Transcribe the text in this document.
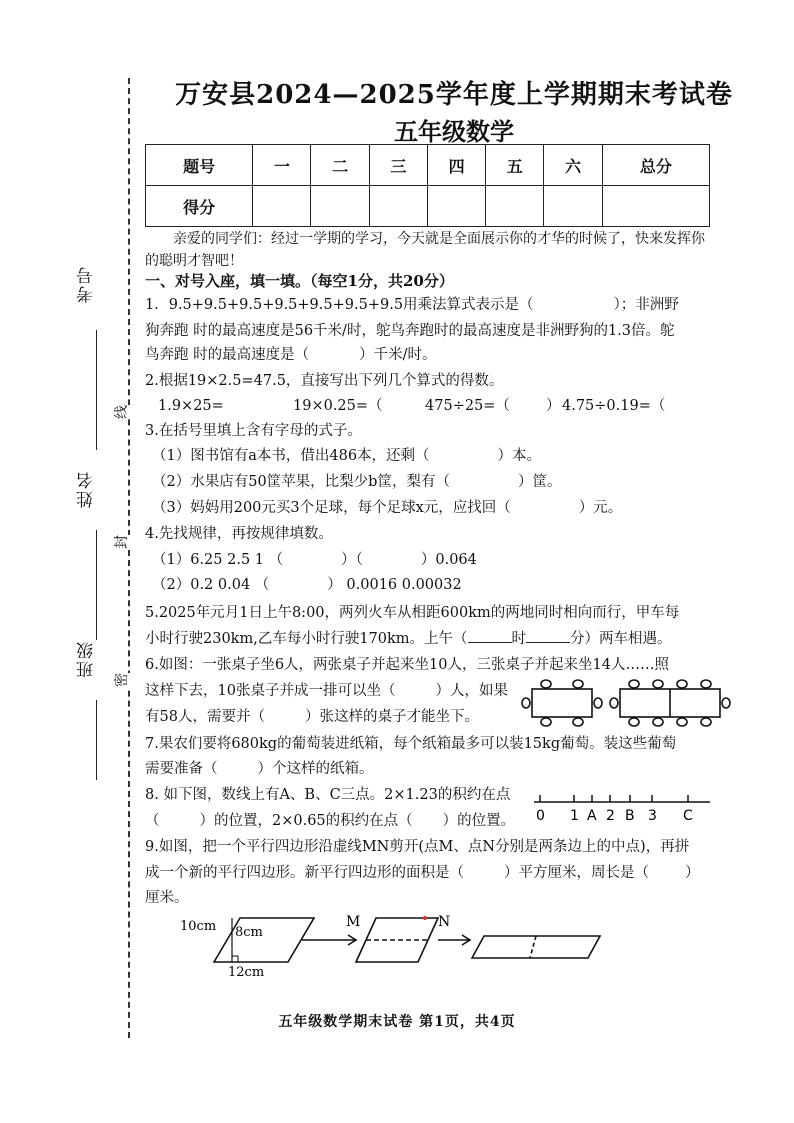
考号
姓名
班级
线
封
密
万安县2024—2025学年度上学期期末考试卷
五年级数学
题号	一	二	三	四	五	六	总分
得分							
亲爱的同学们：经过一学期的学习，今天就是全面展示你的才华的时候了，快来发挥你的聪明才智吧！
一、对号入座，填一填。（每空1分，共20分）
1．9.5+9.5+9.5+9.5+9.5+9.5+9.5用乘法算式表示是（	）；非洲野
狗奔跑 时的最高速度是56千米/时，鸵鸟奔跑时的最高速度是非洲野狗的1.3倍。鸵
鸟奔跑 时的最高速度是（	）千米/时。
2.根据19×2.5=47.5，直接写出下列几个算式的得数。
1.9×25=	19×0.25=（	475÷25=（ ） 4.75÷0.19=（
3.在括号里填上含有字母的式子。
（1）图书馆有a本书，借出486本，还剩（	）本。
（2）水果店有50筐苹果，比梨少b筐，梨有（	）筐。
（3）妈妈用200元买3个足球，每个足球x元，应找回（	）元。
4.先找规律，再按规律填数。
（1）6.25 2.5 1 （	）（	）0.064
（2）0.2 0.04 （	） 0.0016 0.00032
5.2025年元月1日上午8:00，两列火车从相距600km的两地同时相向而行，甲车每
小时行驶230km,乙车每小时行驶170km。上午（	时	分）两车相遇。
6.如图：一张桌子坐6人，两张桌子并起来坐10人，三张桌子并起来坐14人……照
这样下去，10张桌子并成一排可以坐（	）人，如果
有58人，需要并（	）张这样的桌子才能坐下。
7.果农们要将680kg的葡萄装进纸箱，每个纸箱最多可以装15kg葡萄。装这些葡萄
需要准备（	）个这样的纸箱。
8. 如下图，数线上有A、B、C三点。2×1.23的积约在点
（	）的位置，2×0.65的积约在点（ ）的位置。 0 1 A 2 B 3 C
9.如图，把一个平行四边形沿虚线MN剪开(点M、点N分别是两条边上的中点)，再拼
成一个新的平行四边形。新平行四边形的面积是（	）平方厘米，周长是（ ）
厘米。
10cm 8cm
12cm
M	N
五年级数学期末试卷 第1页，共4页
